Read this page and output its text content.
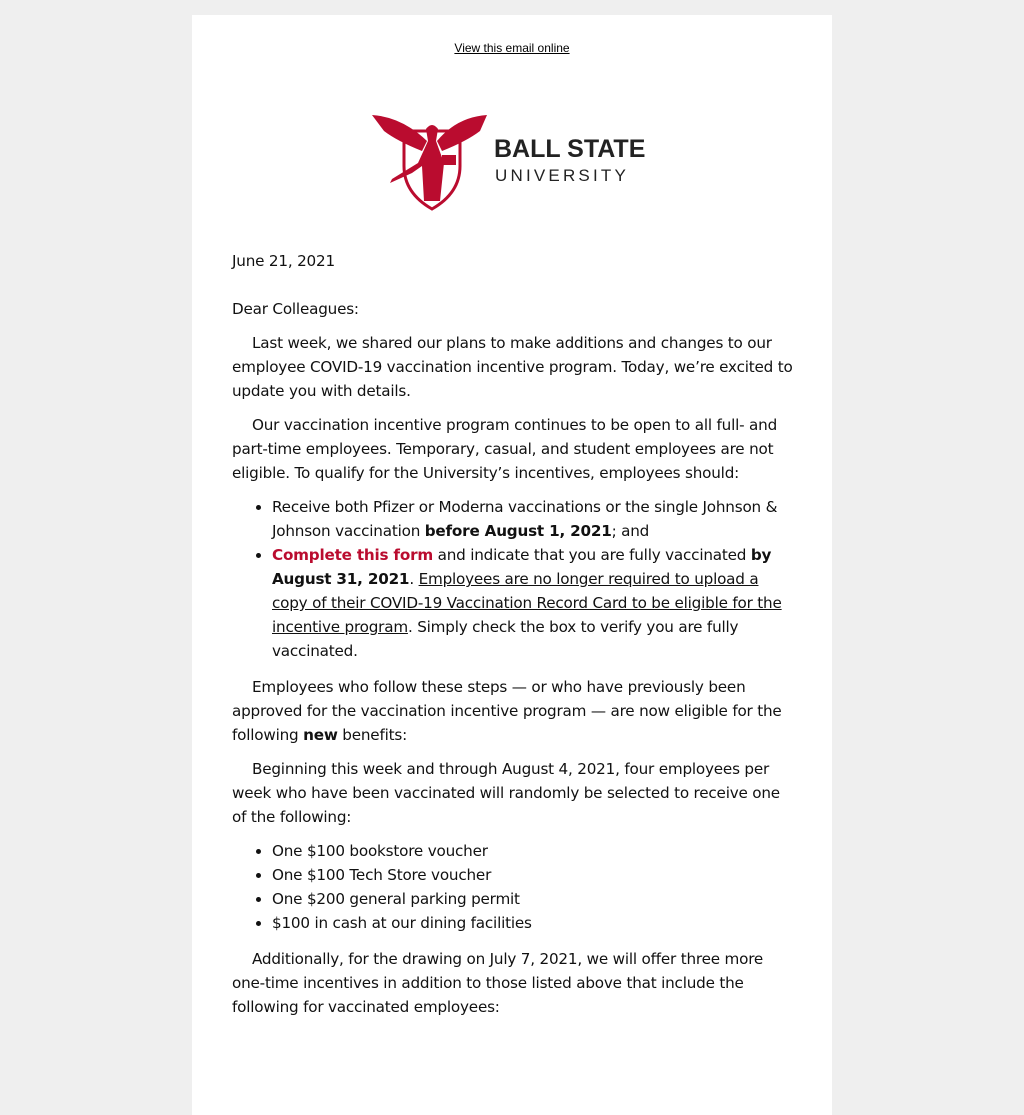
View this email online
BALL STATE
UNIVERSITY

June 21, 2021

Dear Colleagues:

Last week, we shared our plans to make additions and changes to our employee COVID-19 vaccination incentive program. Today, we’re excited to update you with details.

Our vaccination incentive program continues to be open to all full- and part-time employees. Temporary, casual, and student employees are not eligible. To qualify for the University’s incentives, employees should:

• Receive both Pfizer or Moderna vaccinations or the single Johnson & Johnson vaccination before August 1, 2021; and
• Complete this form and indicate that you are fully vaccinated by August 31, 2021. Employees are no longer required to upload a copy of their COVID-19 Vaccination Record Card to be eligible for the incentive program. Simply check the box to verify you are fully vaccinated.

Employees who follow these steps — or who have previously been approved for the vaccination incentive program — are now eligible for the following new benefits:

Beginning this week and through August 4, 2021, four employees per week who have been vaccinated will randomly be selected to receive one of the following:

• One $100 bookstore voucher
• One $100 Tech Store voucher
• One $200 general parking permit
• $100 in cash at our dining facilities

Additionally, for the drawing on July 7, 2021, we will offer three more one-time incentives in addition to those listed above that include the following for vaccinated employees:
